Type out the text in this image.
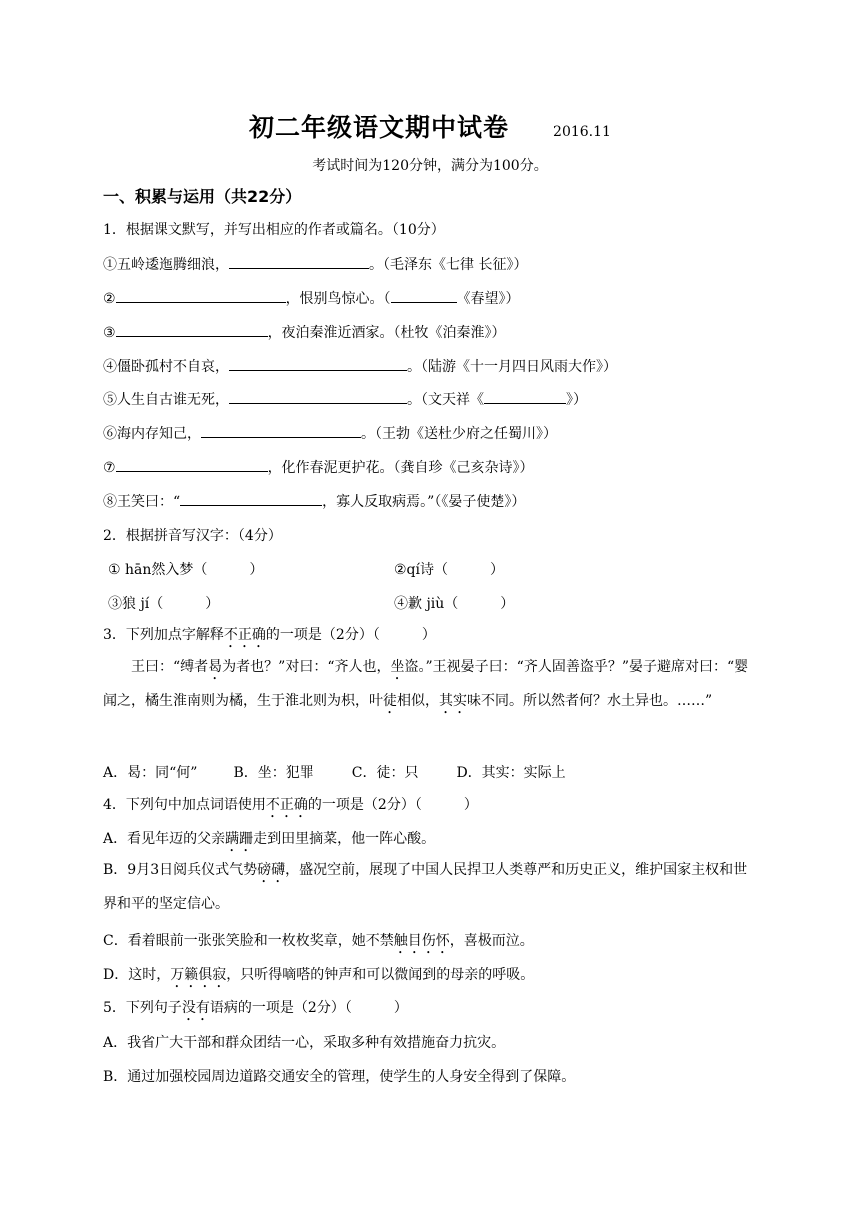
初二年级语文期中试卷	2016.11
考试时间为120分钟，满分为100分。
一、积累与运用（共22分）
1．根据课文默写，并写出相应的作者或篇名。（10分）
①五岭逶迤腾细浪，	。（毛泽东《七律 长征》）
②	，恨别鸟惊心。（	《春望》）
③	，夜泊秦淮近酒家。（杜牧《泊秦淮》）
④僵卧孤村不自哀，	。（陆游《十一月四日风雨大作》）
⑤人生自古谁无死，	。（文天祥《	》）
⑥海内存知己，	。（王勃《送杜少府之任蜀川》）
⑦	，化作春泥更护花。（龚自珍《己亥杂诗》）
⑧王笑曰：“	，寡人反取病焉。”（《晏子使楚》）
2．根据拼音写汉字：（4分）
① hān然入梦（	）	②qí诗（	）
③狼 jí（	）	④歉 jiù（	）
3．下列加点字解释不正确的一项是（2分）（	）
王曰：“缚者曷为者也？”对曰：“齐人也，坐盗。”王视晏子曰：“齐人固善盗乎？”晏子避席对曰：“婴闻之，橘生淮南则为橘，生于淮北则为枳，叶徒相似，其实味不同。所以然者何？水土异也。……”
A．曷：同“何”	B．坐：犯罪	C．徒：只	D．其实：实际上
4．下列句中加点词语使用不正确的一项是（2分）（	）
A．看见年迈的父亲蹒跚走到田里摘菜，他一阵心酸。
B．9月3日阅兵仪式气势磅礴，盛况空前，展现了中国人民捍卫人类尊严和历史正义，维护国家主权和世界和平的坚定信心。
C．看着眼前一张张笑脸和一枚枚奖章，她不禁触目伤怀，喜极而泣。
D．这时，万籁俱寂，只听得嘀嗒的钟声和可以微闻到的母亲的呼吸。
5．下列句子没有语病的一项是（2分）（	）
A．我省广大干部和群众团结一心，采取多种有效措施奋力抗灾。
B．通过加强校园周边道路交通安全的管理，使学生的人身安全得到了保障。
